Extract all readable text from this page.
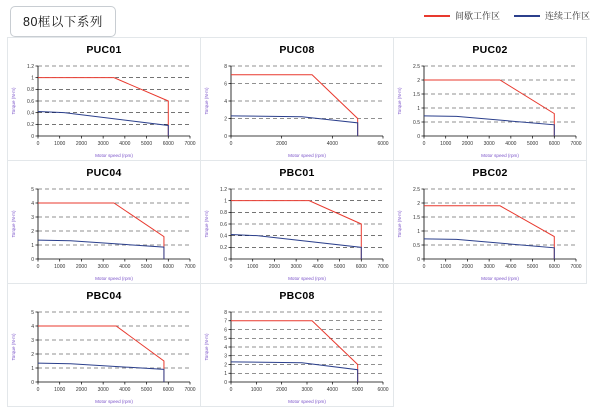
80框以下系列	间歇工作区	连续工作区
PUC01
0	1000 2000 3000 4000 5000 6000 7000
0
0.2
0.4
0.6
0.8
1
1.2
Motor speed (rpm)
Torque (N·m)
PUC08
0	2000	4000	6000
0
2
4
6
8
Motor speed (rpm)
Torque (N·m)
PUC02
0	1000 2000 3000 4000 5000 6000 7000
0
0.5
1
1.5
2
2.5
Motor speed (rpm)
Torque (N·m)
PUC04
0	1000 2000 3000 4000 5000 6000 7000
0
1
2
3
4
5
Motor speed (rpm)
Torque (N·m)
PBC01
0	1000 2000 3000 4000 5000 6000 7000
0
0.2
0.4
0.6
0.8
1
1.2
Motor speed (rpm)
Torque (N·m)
PBC02
0	1000 2000 3000 4000 5000 6000 7000
0
0.5
1
1.5
2
2.5
Motor speed (rpm)
Torque (N·m)
PBC04
0	1000 2000 3000 4000 5000 6000 7000
0
1
2
3
4
5
Motor speed (rpm)
Torque (N·m)
PBC08
0	1000	2000	3000	4000	5000	6000
0
1
2
3
4
5
6
7
8
Motor speed (rpm)
Torque (N·m)
